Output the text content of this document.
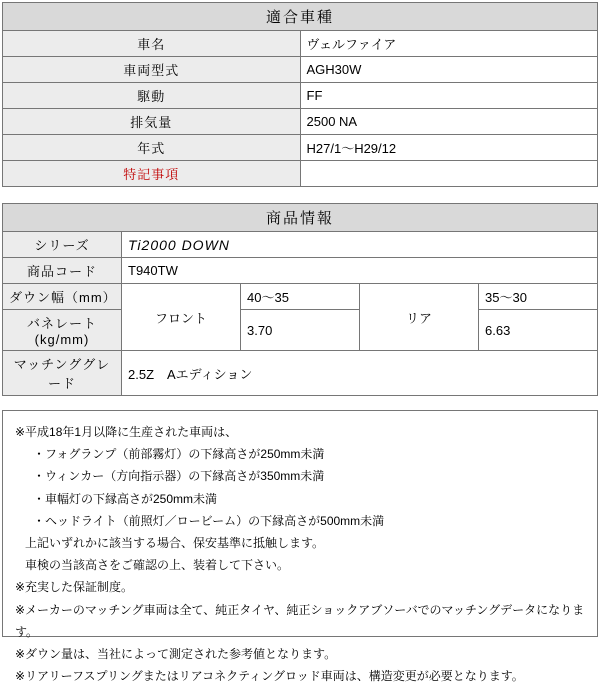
適合車種	
車名	ヴェルファイア
車両型式	AGH30W
駆動	FF
排気量	2500 NA
年式	H27/1〜H29/12
特記事項	
商品情報				
シリーズ	Ti2000 DOWN			
商品コード	T940TW			
ダウン幅（mm）	フロント	40〜35	リア	35〜30
バネレート(kg/mm)		3.70		6.63
マッチンググレード	2.5Z　Aエディション			

※平成18年1月以降に生産された車両は、

・フォグランプ（前部霧灯）の下縁高さが250mm未満

・ウィンカー（方向指示器）の下縁高さが350mm未満

・車幅灯の下縁高さが250mm未満

・ヘッドライト（前照灯／ロービーム）の下縁高さが500mm未満

上記いずれかに該当する場合、保安基準に抵触します。

車検の当該高さをご確認の上、装着して下さい。

※充実した保証制度。

※メーカーのマッチング車両は全て、純正タイヤ、純正ショックアブソーバでのマッチングデータになります。

※ダウン量は、当社によって測定された参考値となります。

※リアリーフスプリングまたはリアコネクティングロッド車両は、構造変更が必要となります。
